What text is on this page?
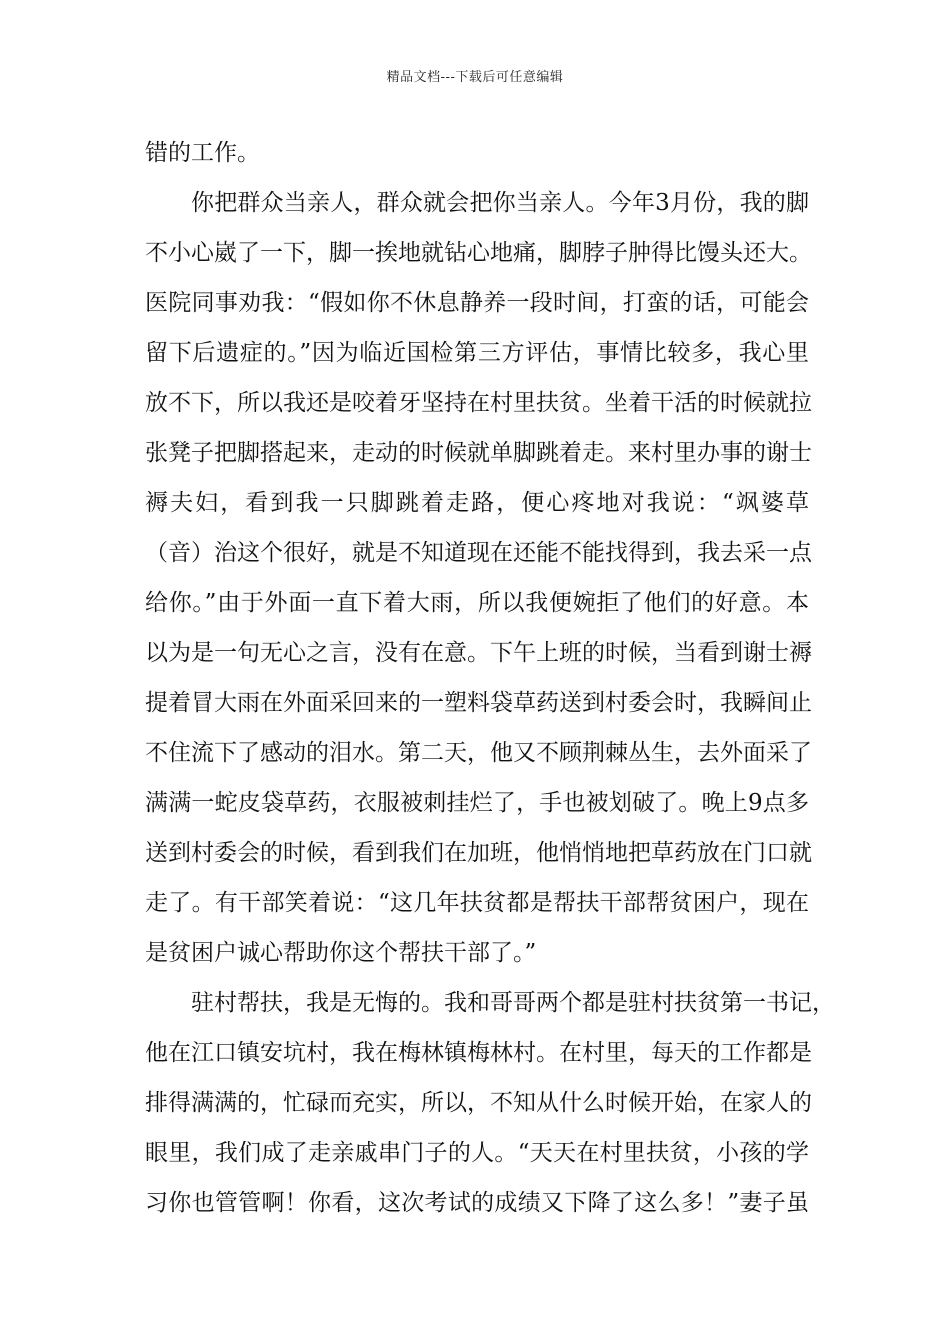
精品文档---下载后可任意编辑
错的工作。
你把群众当亲人，群众就会把你当亲人。今年3月份，我的脚
不小心崴了一下，脚一挨地就钻心地痛，脚脖子肿得比馒头还大。
医院同事劝我：“假如你不休息静养一段时间，打蛮的话，可能会
留下后遗症的。”因为临近国检第三方评估，事情比较多，我心里
放不下，所以我还是咬着牙坚持在村里扶贫。坐着干活的时候就拉
张凳子把脚搭起来，走动的时候就单脚跳着走。来村里办事的谢士
褥夫妇，看到我一只脚跳着走路，便心疼地对我说：“飒婆草
（音）治这个很好，就是不知道现在还能不能找得到，我去采一点
给你。”由于外面一直下着大雨，所以我便婉拒了他们的好意。本
以为是一句无心之言，没有在意。下午上班的时候，当看到谢士褥
提着冒大雨在外面采回来的一塑料袋草药送到村委会时，我瞬间止
不住流下了感动的泪水。第二天，他又不顾荆棘丛生，去外面采了
满满一蛇皮袋草药，衣服被刺挂烂了，手也被划破了。晚上9点多
送到村委会的时候，看到我们在加班，他悄悄地把草药放在门口就
走了。有干部笑着说：“这几年扶贫都是帮扶干部帮贫困户，现在
是贫困户诚心帮助你这个帮扶干部了。”
驻村帮扶，我是无悔的。我和哥哥两个都是驻村扶贫第一书记，
他在江口镇安坑村，我在梅林镇梅林村。在村里，每天的工作都是
排得满满的，忙碌而充实，所以，不知从什么时候开始，在家人的
眼里，我们成了走亲戚串门子的人。“天天在村里扶贫，小孩的学
习你也管管啊！你看，这次考试的成绩又下降了这么多！”妻子虽
